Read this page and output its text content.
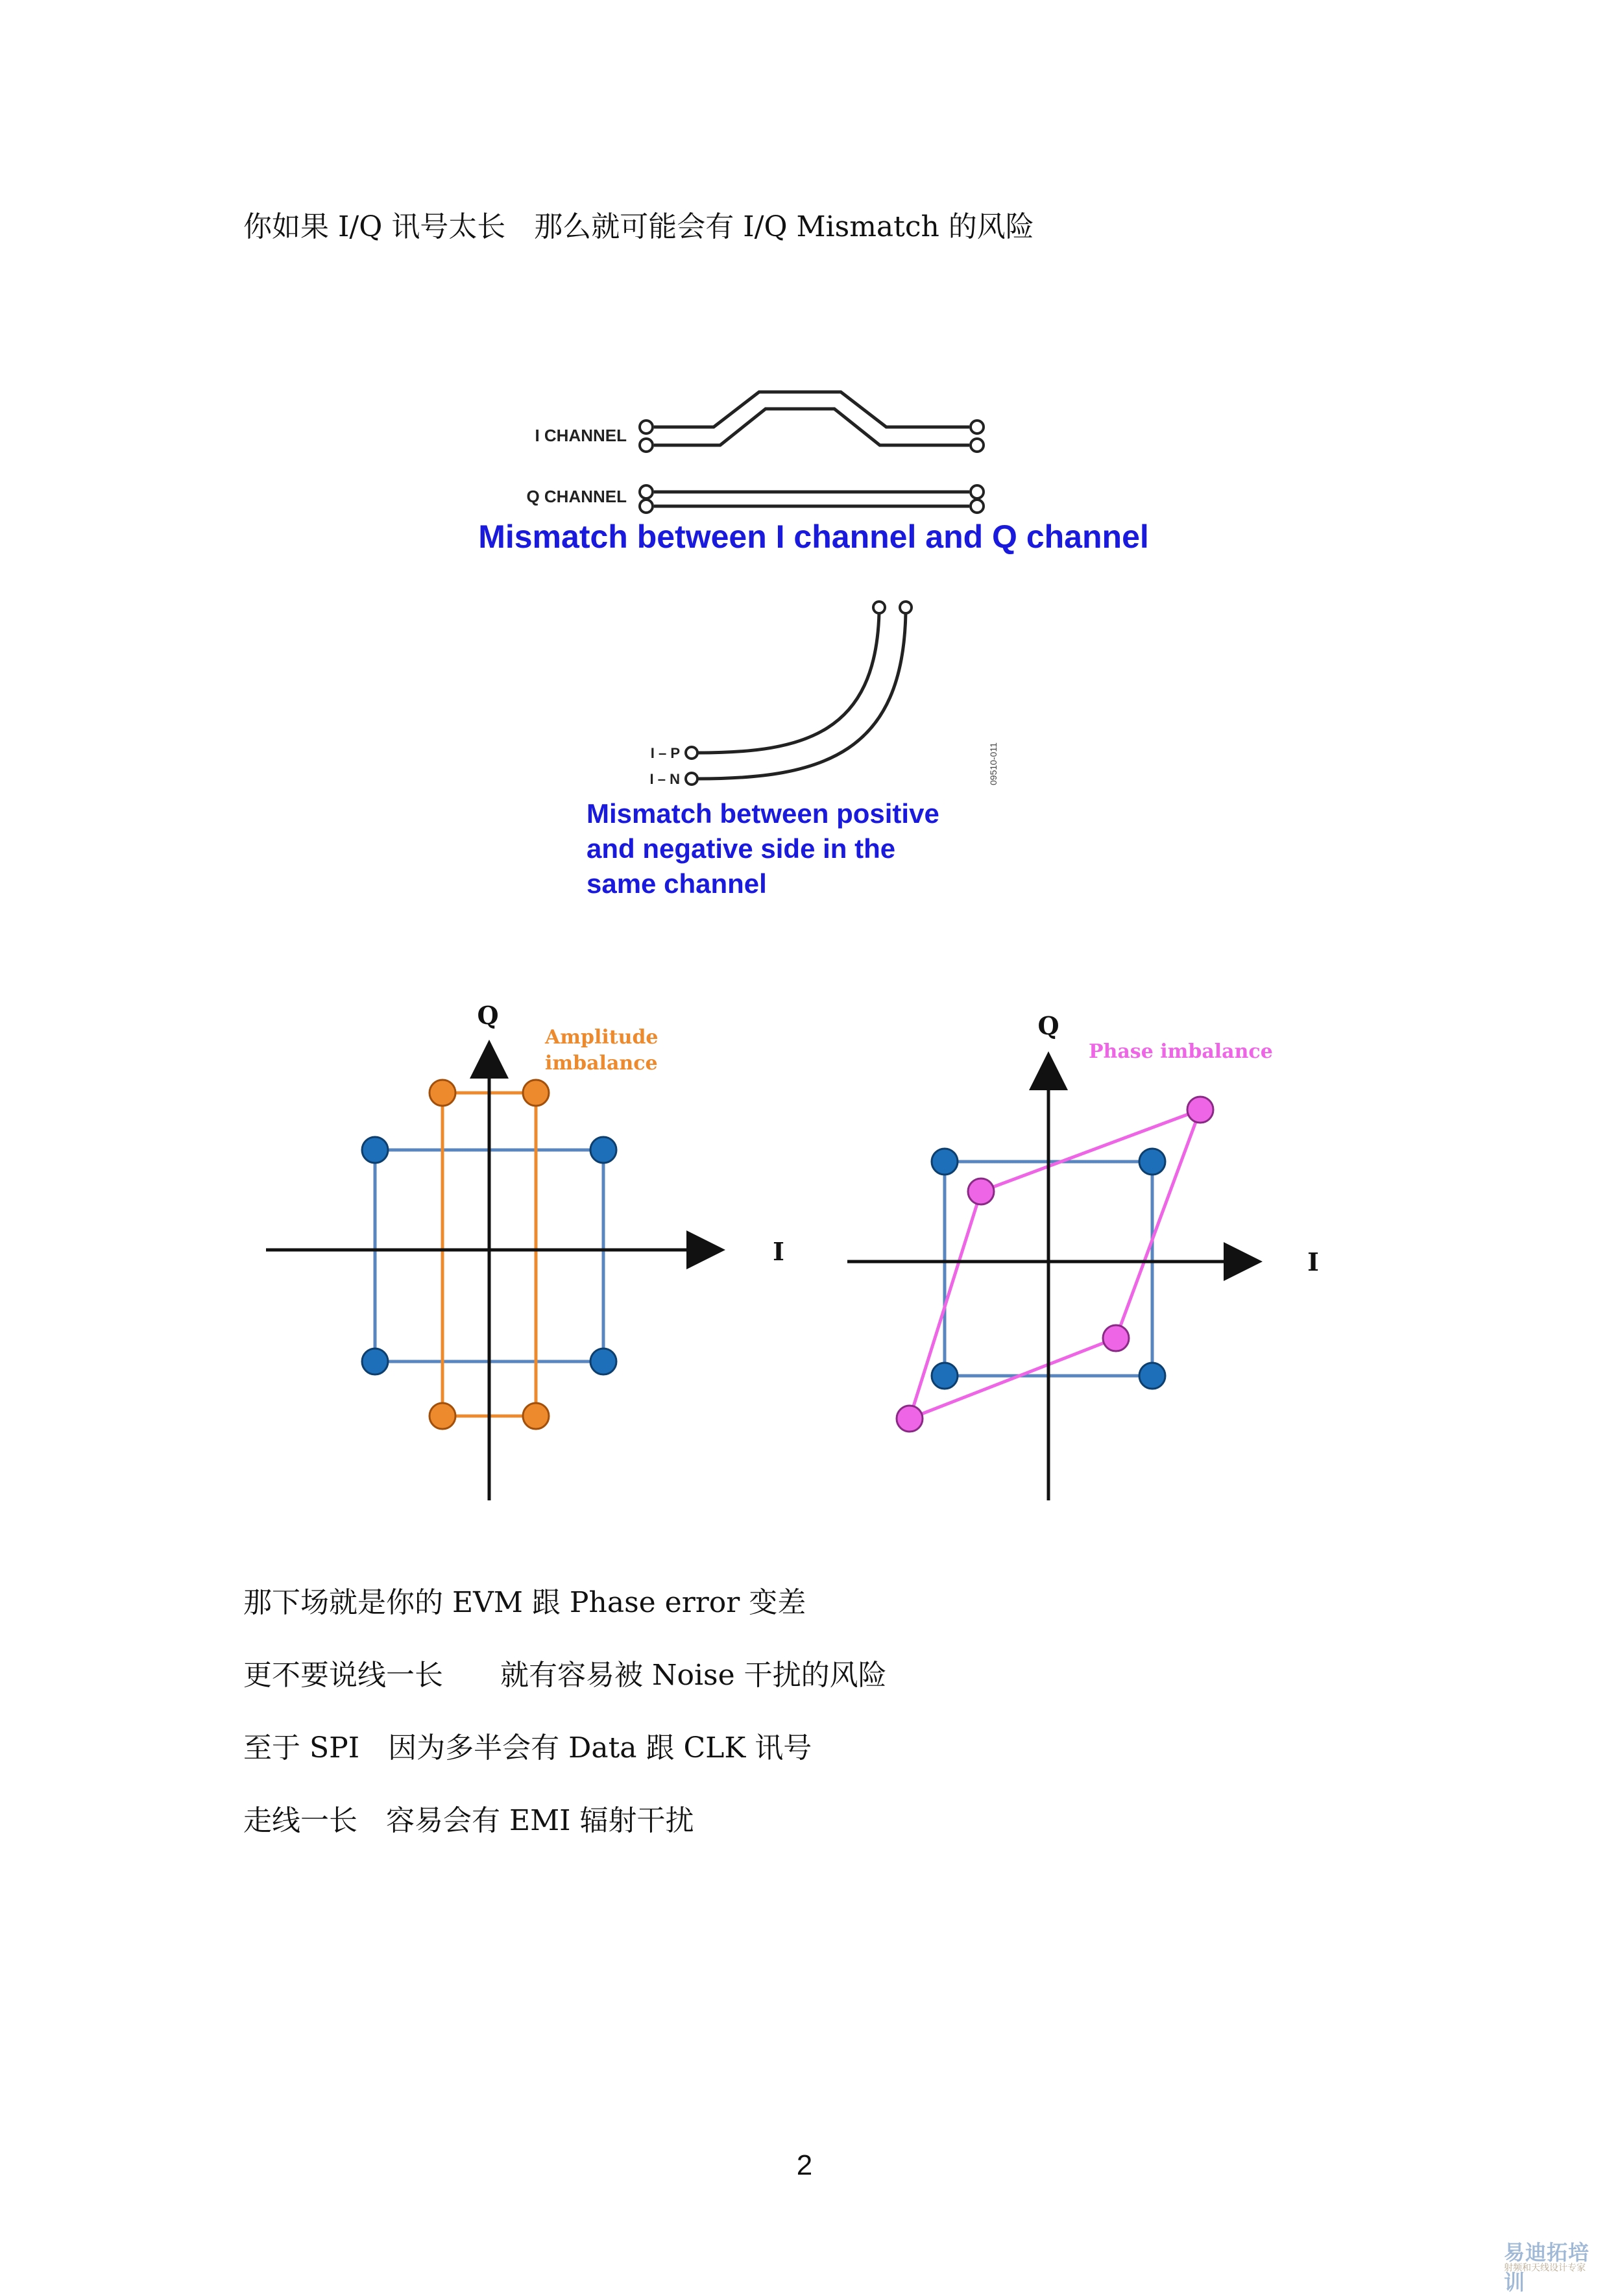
你如果 I/Q 讯号太长　那么就可能会有 I/Q Mismatch 的风险
那下场就是你的 EVM 跟 Phase error 变差
更不要说线一长　　就有容易被 Noise 干扰的风险
至于 SPI　因为多半会有 Data 跟 CLK 讯号
走线一长　容易会有 EMI 辐射干扰
I CHANNEL
Q CHANNEL
Mismatch between I channel and Q channel
I – P
I – N	09510-011
Mismatch between positive
and negative side in the
same channel
Q
I
Amplitude
imbalance
Q
I
Phase imbalance
2
易迪拓培训
射频和天线设计专家
